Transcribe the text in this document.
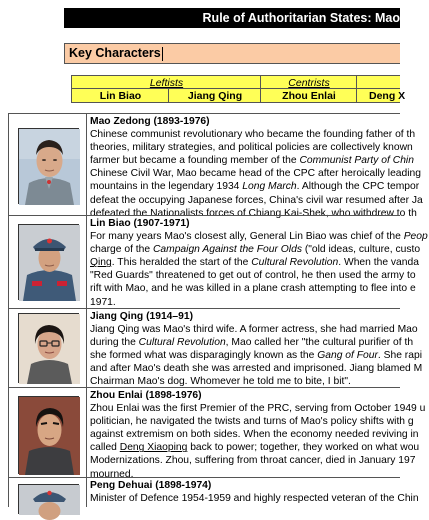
Rule of Authoritarian States: Mao
Key Characters
Leftists	Centrists
Lin Biao	Jiang Qing	Zhou Enlai	Deng X

Mao Zedong (1893-1976)

Chinese communist revolutionary who became the founding father of th

theories, military strategies, and political policies are collectively known

farmer but became a founding member of the Communist Party of Chin

Chinese Civil War, Mao became head of the CPC after heroically leading

mountains in the legendary 1934 Long March. Although the CPC tempor

defeat the occupying Japanese forces, China's civil war resumed after Ja

defeated the Nationalists forces of Chiang Kai-Shek, who withdrew to th

Lin Biao (1907-1971)

For many years Mao's closest ally, General Lin Biao was chief of the Peop

charge of the Campaign Against the Four Olds ("old ideas, culture, custo

Qing. This heralded the start of the Cultural Revolution. When the vanda

"Red Guards" threatened to get out of control, he then used the army to

rift with Mao, and he was killed in a plane crash attempting to flee into e

1971.

Jiang Qing (1914–91)

Jiang Qing was Mao's third wife. A former actress, she had married Mao

during the Cultural Revolution, Mao called her "the cultural purifier of th

she formed what was disparagingly known as the Gang of Four. She rapi

and after Mao's death she was arrested and imprisoned. Jiang blamed M

Chairman Mao's dog. Whomever he told me to bite, I bit".

Zhou Enlai (1898-1976)

Zhou Enlai was the first Premier of the PRC, serving from October 1949 u

politician, he navigated the twists and turns of Mao's policy shifts with g

against extremism on both sides. When the economy needed reviving in

called Deng Xiaoping back to power; together, they worked on what wou

Modernizations. Zhou, suffering from throat cancer, died in January 197

mourned.

Peng Dehuai (1898-1974)

Minister of Defence 1954-1959 and highly respected veteran of the Chin
